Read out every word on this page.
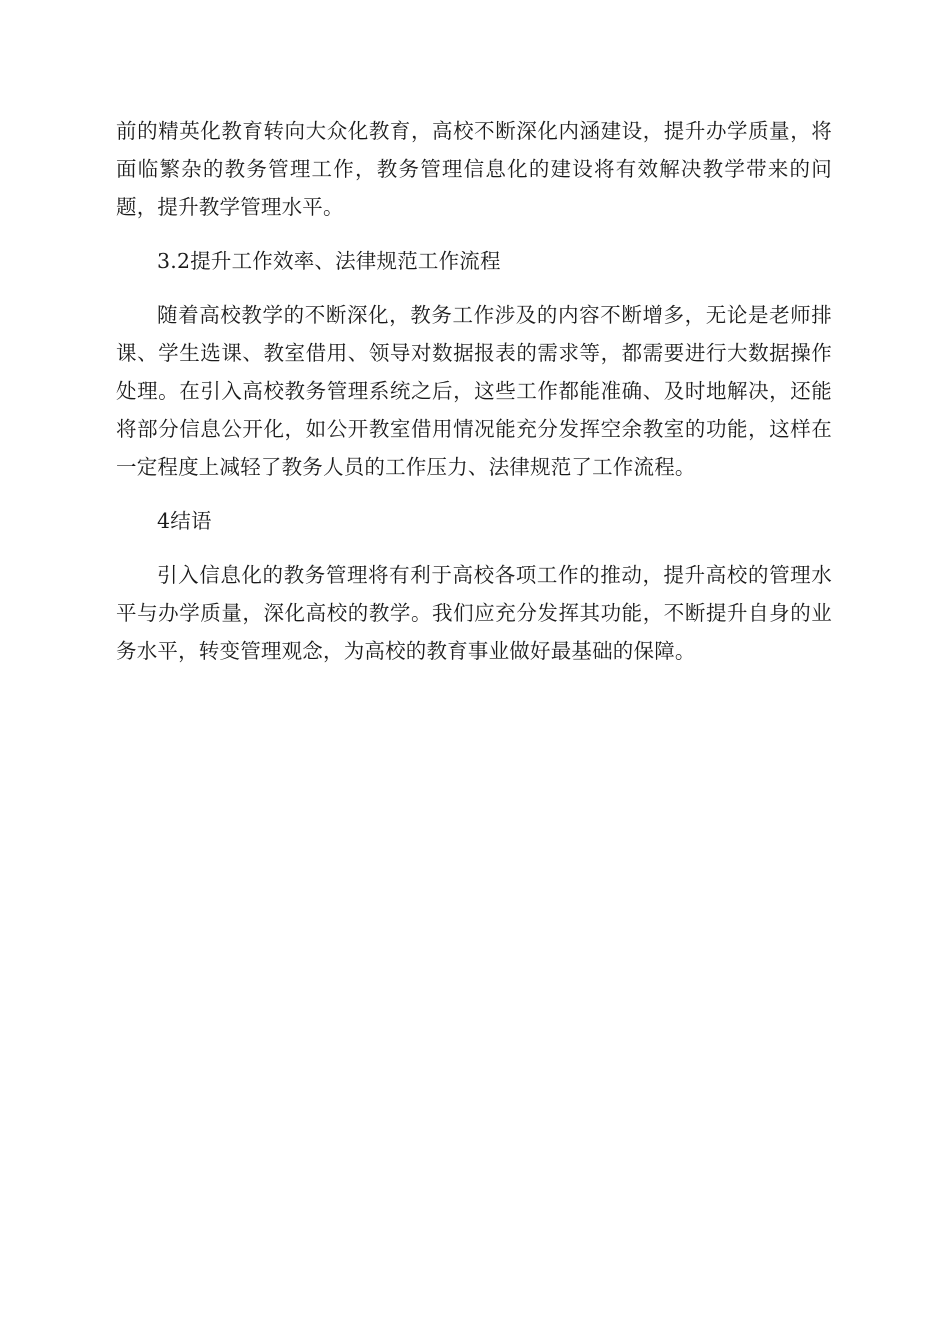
前的精英化教育转向大众化教育，高校不断深化内涵建设，提升办学质量，将面临繁杂的教务管理工作，教务管理信息化的建设将有效解决教学带来的问题，提升教学管理水平。

3.2提升工作效率、法律规范工作流程

随着高校教学的不断深化，教务工作涉及的内容不断增多，无论是老师排课、学生选课、教室借用、领导对数据报表的需求等，都需要进行大数据操作处理。在引入高校教务管理系统之后，这些工作都能准确、及时地解决，还能将部分信息公开化，如公开教室借用情况能充分发挥空余教室的功能，这样在一定程度上减轻了教务人员的工作压力、法律规范了工作流程。

4结语

引入信息化的教务管理将有利于高校各项工作的推动，提升高校的管理水平与办学质量，深化高校的教学。我们应充分发挥其功能，不断提升自身的业务水平，转变管理观念，为高校的教育事业做好最基础的保障。
